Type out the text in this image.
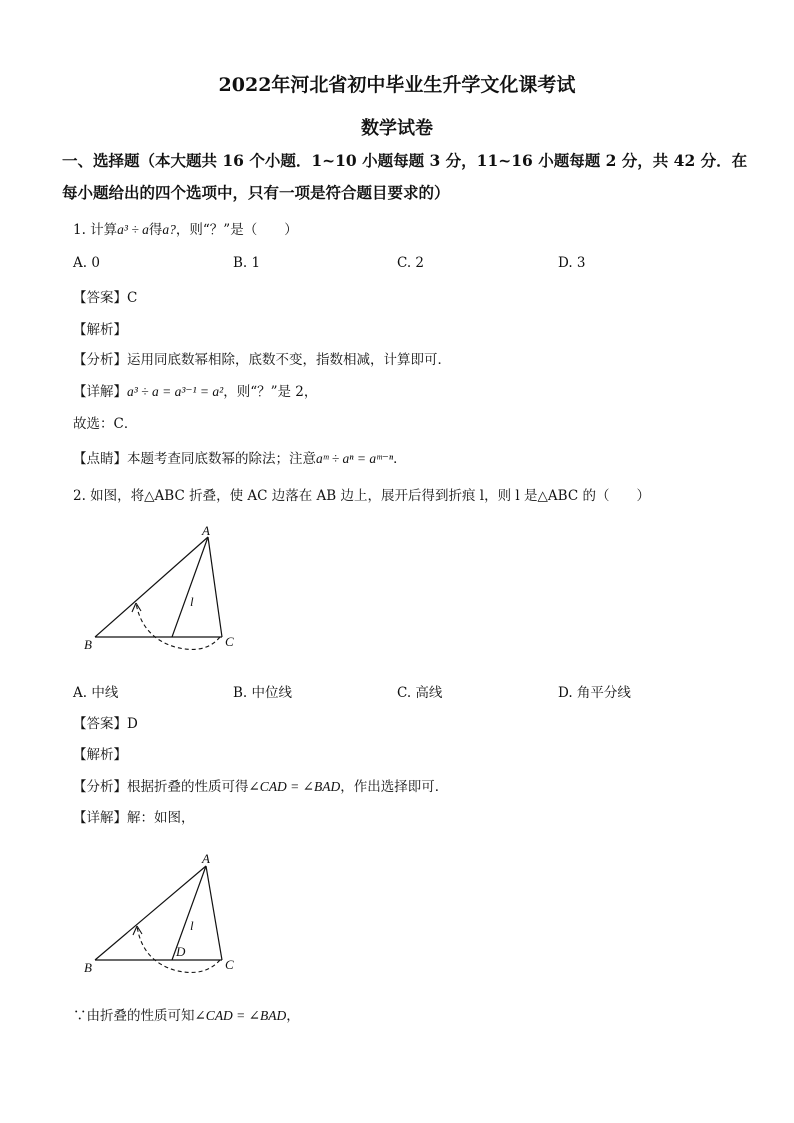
2022年河北省初中毕业生升学文化课考试
数学试卷
一、选择题（本大题共 16 个小题．1~10 小题每题 3 分，11~16 小题每题 2 分，共 42 分．在
每小题给出的四个选项中，只有一项是符合题目要求的）
1. 计算a³ ÷ a得a?，则“？”是（　　）
A. 0	B. 1	C. 2	D. 3
【答案】C
【解析】
【分析】运用同底数幂相除，底数不变，指数相减，计算即可．
【详解】a³ ÷ a = a³⁻¹ = a²，则“？”是 2，
故选：C．
【点睛】本题考查同底数幂的除法；注意aᵐ ÷ aⁿ = aᵐ⁻ⁿ．
2. 如图，将△ABC 折叠，使 AC 边落在 AB 边上，展开后得到折痕 l，则 l 是△ABC 的（　　）
A
B	C
l
A. 中线	B. 中位线	C. 高线	D. 角平分线
【答案】D
【解析】
【分析】根据折叠的性质可得∠CAD = ∠BAD，作出选择即可．
【详解】解：如图，
A
B	C
l
D
∵由折叠的性质可知∠CAD = ∠BAD，
